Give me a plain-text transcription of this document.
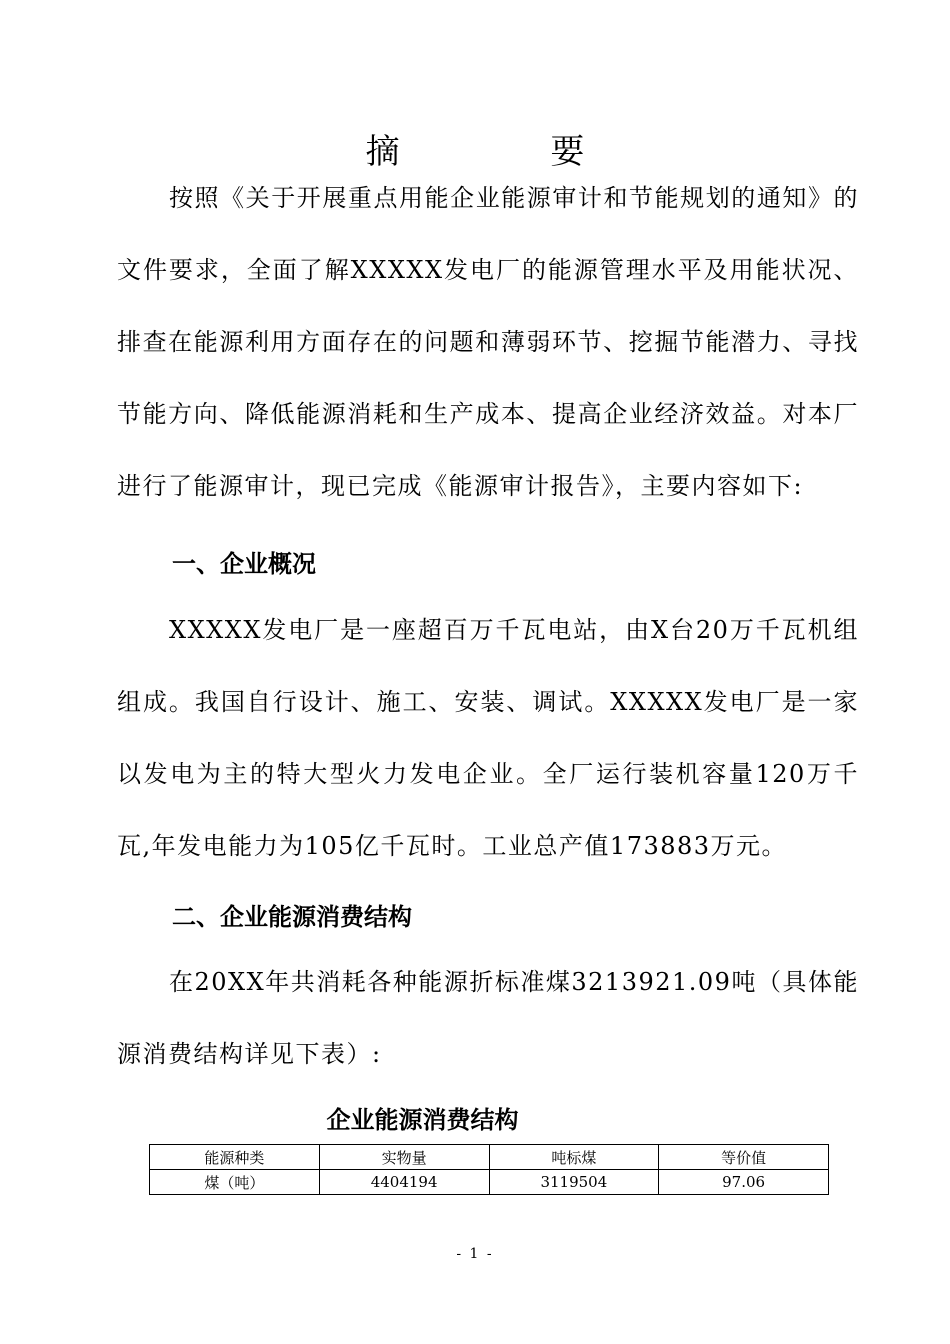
摘 要
按照《关于开展重点用能企业能源审计和节能规划的通知》的文件要求，全面了解XXXXX发电厂的能源管理水平及用能状况、排查在能源利用方面存在的问题和薄弱环节、挖掘节能潜力、寻找节能方向、降低能源消耗和生产成本、提高企业经济效益。对本厂进行了能源审计，现已完成《能源审计报告》，主要内容如下:
一、企业概况
XXXXX发电厂是一座超百万千瓦电站，由X台20万千瓦机组组成。我国自行设计、施工、安装、调试。XXXXX发电厂是一家以发电为主的特大型火力发电企业。全厂运行装机容量120万千瓦,年发电能力为105亿千瓦时。工业总产值173883万元。
二、企业能源消费结构
在20XX年共消耗各种能源折标准煤3213921.09吨（具体能源消费结构详见下表）:
企业能源消费结构
能源种类	实物量	吨标煤	等价值
煤（吨）	4404194	3119504	97.06
- 1 -
